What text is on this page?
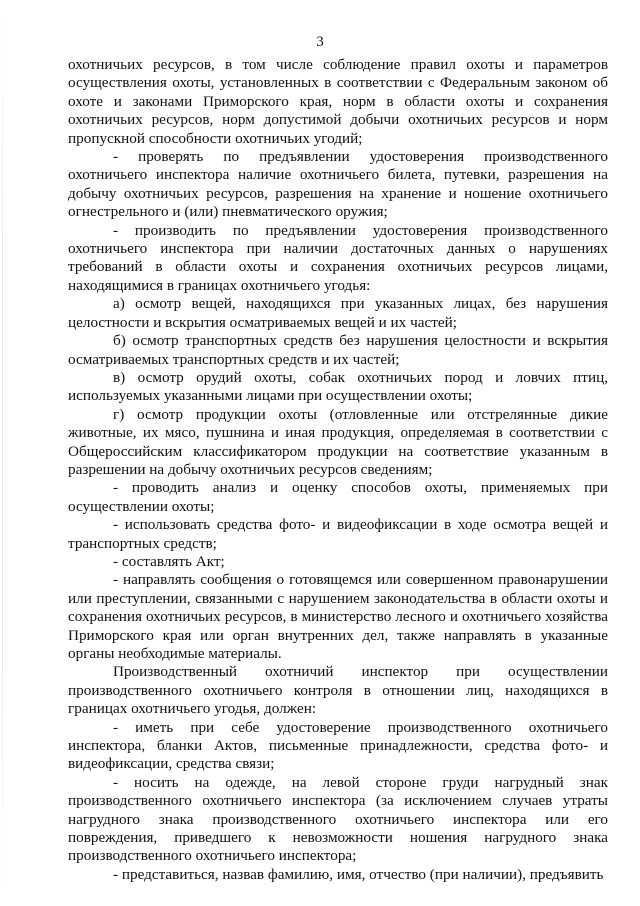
3

охотничьих ресурсов, в том числе соблюдение правил охоты и параметров осуществления охоты, установленных в соответствии с Федеральным законом об охоте и законами Приморского края, норм в области охоты и сохранения охотничьих ресурсов, норм допустимой добычи охотничьих ресурсов и норм пропускной способности охотничьих угодий;

- проверять по предъявлении удостоверения производственного охотничьего инспектора наличие охотничьего билета, путевки, разрешения на добычу охотничьих ресурсов, разрешения на хранение и ношение охотничьего огнестрельного и (или) пневматического оружия;

- производить по предъявлении удостоверения производственного охотничьего инспектора при наличии достаточных данных о нарушениях требований в области охоты и сохранения охотничьих ресурсов лицами, находящимися в границах охотничьего угодья:

а) осмотр вещей, находящихся при указанных лицах, без нарушения целостности и вскрытия осматриваемых вещей и их частей;

б) осмотр транспортных средств без нарушения целостности и вскрытия осматриваемых транспортных средств и их частей;

в) осмотр орудий охоты, собак охотничьих пород и ловчих птиц, используемых указанными лицами при осуществлении охоты;

г) осмотр продукции охоты (отловленные или отстрелянные дикие животные, их мясо, пушнина и иная продукция, определяемая в соответствии с Общероссийским классификатором продукции на соответствие указанным в разрешении на добычу охотничьих ресурсов сведениям;

- проводить анализ и оценку способов охоты, применяемых при осуществлении охоты;

- использовать средства фото- и видеофиксации в ходе осмотра вещей и транспортных средств;

- составлять Акт;

- направлять сообщения о готовящемся или совершенном правонарушении или преступлении, связанными с нарушением законодательства в области охоты и сохранения охотничьих ресурсов, в министерство лесного и охотничьего хозяйства Приморского края или орган внутренних дел, также направлять в указанные органы необходимые материалы.

Производственный охотничий инспектор при осуществлении производственного охотничьего контроля в отношении лиц, находящихся в границах охотничьего угодья, должен:

- иметь при себе удостоверение производственного охотничьего инспектора, бланки Актов, письменные принадлежности, средства фото- и видеофиксации, средства связи;

- носить на одежде, на левой стороне груди нагрудный знак производственного охотничьего инспектора (за исключением случаев утраты нагрудного знака производственного охотничьего инспектора или его повреждения, приведшего к невозможности ношения нагрудного знака производственного охотничьего инспектора;

- представиться, назвав фамилию, имя, отчество (при наличии), предъявить
